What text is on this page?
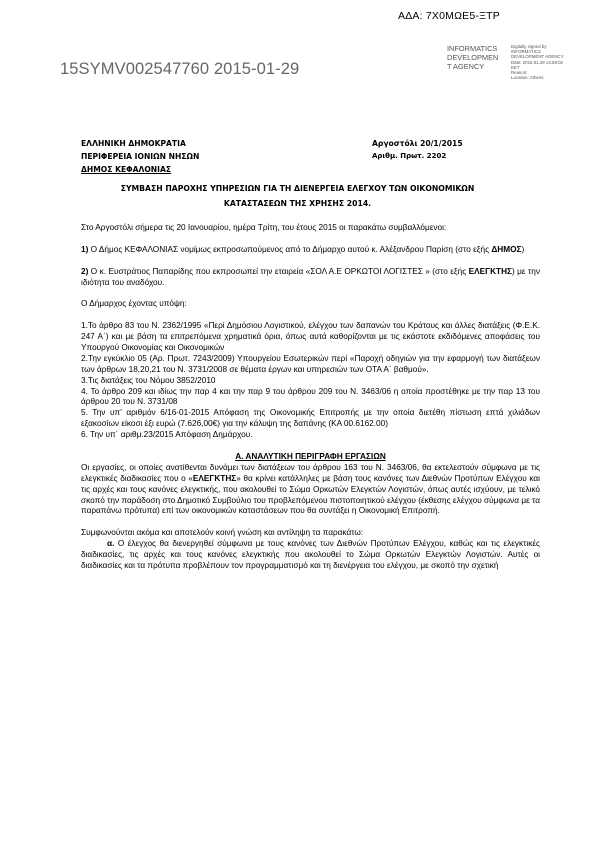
ΑΔΑ: 7Χ0ΜΩΕ5-ΞΤΡ
15SYMV002547760 2015-01-29
INFORMATICS
DEVELOPMEN
T AGENCY
Digitally signed by
INFORMATICS
DEVELOPMENT AGENCY
Date: 2015.01.29 14:59:02
EET
Reason:
Location: Athens
ΕΛΛΗΝΙΚΗ ΔΗΜΟΚΡΑΤΙΑ
ΠΕΡΙΦΕΡΕΙΑ ΙΟΝΙΩΝ ΝΗΣΩΝ
ΔΗΜΟΣ ΚΕΦΑΛΟΝΙΑΣ
Αργοστόλι 20/1/2015
Αριθμ. Πρωτ. 2202
ΣΥΜΒΑΣΗ ΠΑΡΟΧΗΣ ΥΠΗΡΕΣΙΩΝ ΓΙΑ ΤΗ ΔΙΕΝΕΡΓΕΙΑ ΕΛΕΓΧΟΥ ΤΩΝ ΟΙΚΟΝΟΜΙΚΩΝ
ΚΑΤΑΣΤΑΣΕΩΝ ΤΗΣ ΧΡΗΣΗΣ 2014.

Στο Αργοστόλι σήμερα τις 20 Ιανουαρίου, ημέρα Τρίτη, του έτους 2015 οι παρακάτω συμβαλλόμενοι:

1) Ο Δήμος ΚΕΦΑΛΟΝΙΑΣ νομίμως εκπροσωπούμενος από το Δήμαρχο αυτού κ. Αλέξανδρου Παρίση (στο εξής ΔΗΜΟΣ)

2) Ο κ. Ευστράτιος Παπαρίδης που εκπροσωπεί την εταιρεία «ΣΟΛ Α.Ε ΟΡΚΩΤΟΙ ΛΟΓΙΣΤΕΣ » (στο εξής ΕΛΕΓΚΤΗΣ) με την ιδιότητα του αναδόχου.

Ο Δήμαρχος έχοντας υπόψη:

1.Το άρθρο 83 του Ν. 2362/1995 «Περί Δημόσιου Λογιστικού, ελέγχου των δαπανών του Κράτους και άλλες διατάξεις (Φ.Ε.Κ. 247 Α΄) και με βάση τα επιτρεπόμενα χρηματικά όρια, όπως αυτά καθορίζονται με τις εκάστοτε εκδιδόμενες αποφάσεις του Υπουργού Οικονομίας και Οικονομικών

2.Την εγκύκλιο 05 (Αρ. Πρωτ. 7243/2009) Υπουργείου Εσωτερικών περί «Παροχή οδηγιών για την εφαρμογή των διατάξεων των άρθρων 18,20,21 του Ν. 3731/2008 σε θέματα έργων και υπηρεσιών των ΟΤΑ Α΄ βαθμού».

3.Τις διατάξεις του Νόμου 3852/2010

4. Το άρθρο 209 και ιδίως την παρ 4 και την παρ 9 του άρθρου 209 του Ν. 3463/06 η οποία προστέθηκε με την παρ 13 του άρθρου 20 του Ν. 3731/08

5. Την υπ' αριθμόν 6/16-01-2015 Απόφαση της Οικονομικής Επιτροπής με την οποία διετέθη πίστωση επτά χιλιάδων εξακοσίων είκοσι έξι ευρώ (7.626,00€) για την κάλυψη της δαπάνης (ΚΑ 00.6162.00)

6. Την υπ΄ αριθμ.23/2015 Απόφαση Δημάρχου.

Α. ΑΝΑΛΥΤΙΚΗ ΠΕΡΙΓΡΑΦΗ ΕΡΓΑΣΙΩΝ

Οι εργασίες, οι οποίες ανατίθενται δυνάμει των διατάξεων του άρθρου 163 του Ν. 3463/06, θα εκτελεστούν σύμφωνα με τις ελεγκτικές διαδικασίες που ο «ΕΛΕΓΚΤΗΣ» θα κρίνει κατάλληλες με βάση τους κανόνες των Διεθνών Προτύπων Ελέγχου και τις αρχές και τους κανόνες ελεγκτικής, που ακολουθεί το Σώμα Ορκωτών Ελεγκτών Λογιστών, όπως αυτές ισχύουν, με τελικό σκοπό την παράδοση στο Δημοτικό Συμβούλιο του προβλεπόμενου πιστοποιητικού ελέγχου (έκθεσης ελέγχου σύμφωνα με τα παραπάνω πρότυπα) επί των οικονομικών καταστάσεων που θα συντάξει η Οικονομική Επιτροπή.

Συμφωνούνται ακόμα και αποτελούν κοινή γνώση και αντίληψη τα παρακάτω:

α. Ο έλεγχος θα διενεργηθεί σύμφωνα με τους κανόνες των Διεθνών Προτύπων Ελέγχου, καθώς και τις ελεγκτικές διαδικασίες, τις αρχές και τους κανόνες ελεγκτικής που ακολουθεί το Σώμα Ορκωτών Ελεγκτών Λογιστών. Αυτές οι διαδικασίες και τα πρότυπα προβλέπουν τον προγραμματισμό και τη διενέργεια του ελέγχου, με σκοπό την σχετική
